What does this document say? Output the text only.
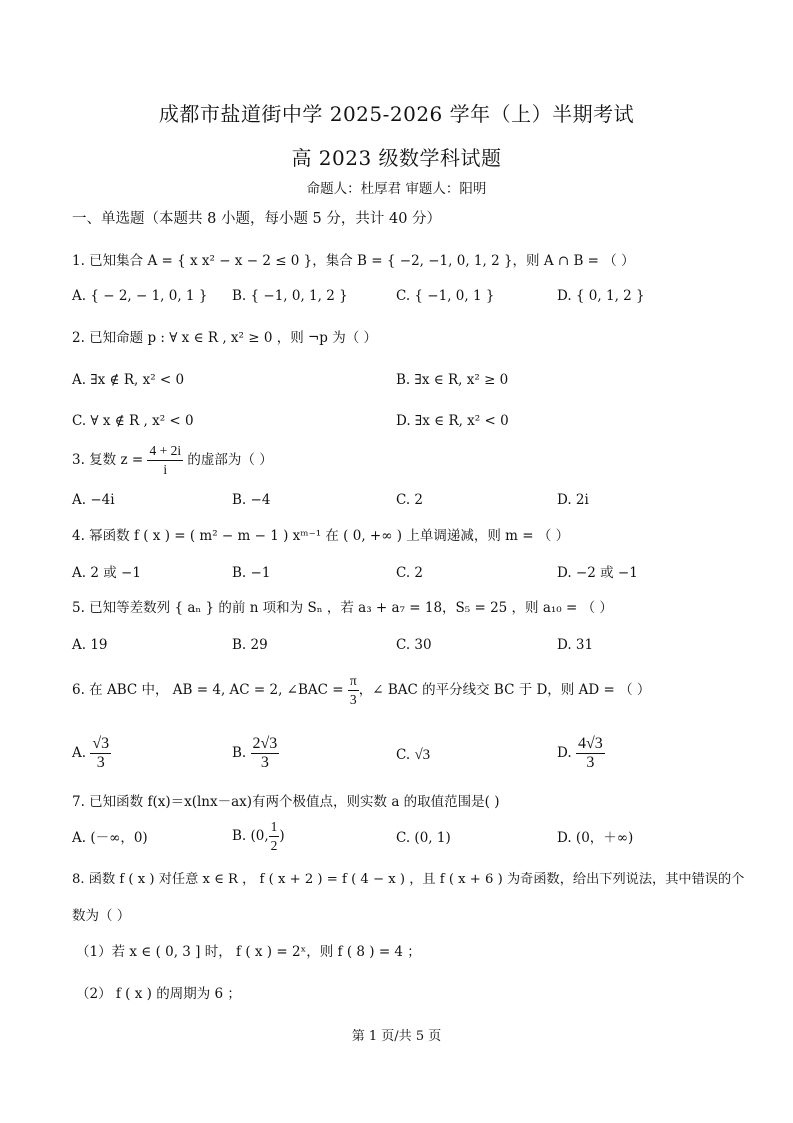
成都市盐道街中学 2025-2026 学年（上）半期考试
高 2023 级数学科试题
命题人：杜厚君 审题人：阳明
一、单选题（本题共 8 小题，每小题 5 分，共计 40 分）
1. 已知集合 A = { x x² − x − 2 ≤ 0 }，集合 B = { −2, −1, 0, 1, 2 }，则 A ∩ B = （ ）
A. { − 2, − 1, 0, 1 } B. { −1, 0, 1, 2 }	C. { −1, 0, 1 }	D. { 0, 1, 2 }
2. 已知命题 p : ∀ x ∈ R , x² ≥ 0 ，则 ¬p 为（ ）
A. ∃x ∉ R, x² < 0	B. ∃x ∈ R, x² ≥ 0
C. ∀ x ∉ R , x² < 0	D. ∃x ∈ R, x² < 0
3. 复数 $z = \frac{4 + 2i}{i}$ 的虚部为（ ）
A. −4i	B. −4	C. 2	D. 2i
4. 幂函数 f ( x ) = ( m² − m − 1 ) xᵐ⁻¹ 在 ( 0, +∞ ) 上单调递减，则 m = （ ）
A. 2 或 −1	B. −1	C. 2	D. −2 或 −1
5. 已知等差数列 { aₙ } 的前 n 项和为 Sₙ ，若 a₃ + a₇ = 18，S₅ = 25 ，则 a₁₀ = （ ）
A. 19	B. 29	C. 30	D. 31
6. 在 ABC 中， AB = 4, AC = 2, ∠BAC = $\frac{\pi}{3}$ ，∠ BAC 的平分线交 BC 于 D，则 AD = （ ）
A. $\frac{√3}{3}$	B. $\frac{2√3}{3}$	C. √3	D. $\frac{4√3}{3}$
7. 已知函数 f(x)＝x(lnx－ax)有两个极值点，则实数 a 的取值范围是( )
A. (－∞，0)	B. (0, $\frac{1}{2}$ )	C. (0, 1)	D. (0，＋∞)
8. 函数 f ( x ) 对任意 x ∈ R ， f ( x + 2 ) = f ( 4 − x ) ，且 f ( x + 6 ) 为奇函数，给出下列说法，其中错误的个
数为（ ）
（1）若 x ∈ ( 0, 3 ] 时， f ( x ) = 2ˣ，则 f ( 8 ) = 4 ；
（2） f ( x ) 的周期为 6 ；
第 1 页/共 5 页
